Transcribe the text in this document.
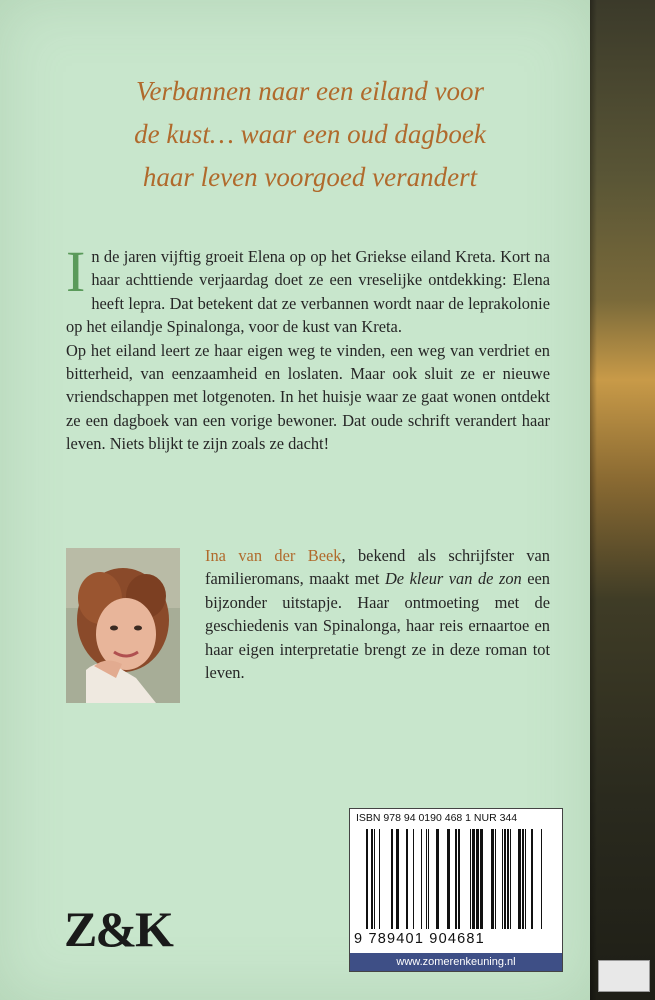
Verbannen naar een eiland voor
de kust… waar een oud dagboek
haar leven voorgoed verandert

In de jaren vijftig groeit Elena op op het Griekse eiland Kreta. Kort na haar achttiende verjaardag doet ze een vreselijke ontdekking: Elena heeft lepra. Dat betekent dat ze verbannen wordt naar de leprakolonie op het eilandje Spinalonga, voor de kust van Kreta.

Op het eiland leert ze haar eigen weg te vinden, een weg van verdriet en bitterheid, van eenzaamheid en loslaten. Maar ook sluit ze er nieuwe vriendschappen met lotgenoten. In het huisje waar ze gaat wonen ontdekt ze een dagboek van een vorige bewoner. Dat oude schrift verandert haar leven. Niets blijkt te zijn zoals ze dacht!

Ina van der Beek, bekend als schrijfster van familieromans, maakt met De kleur van de zon een bijzonder uitstapje. Haar ontmoeting met de geschiedenis van Spinalonga, haar reis ernaartoe en haar eigen interpretatie brengt ze in deze roman tot leven.
ISBN 978 94 0190 468 1 NUR 344
9 789401 904681
www.zomerenkeuning.nl
Z&K
